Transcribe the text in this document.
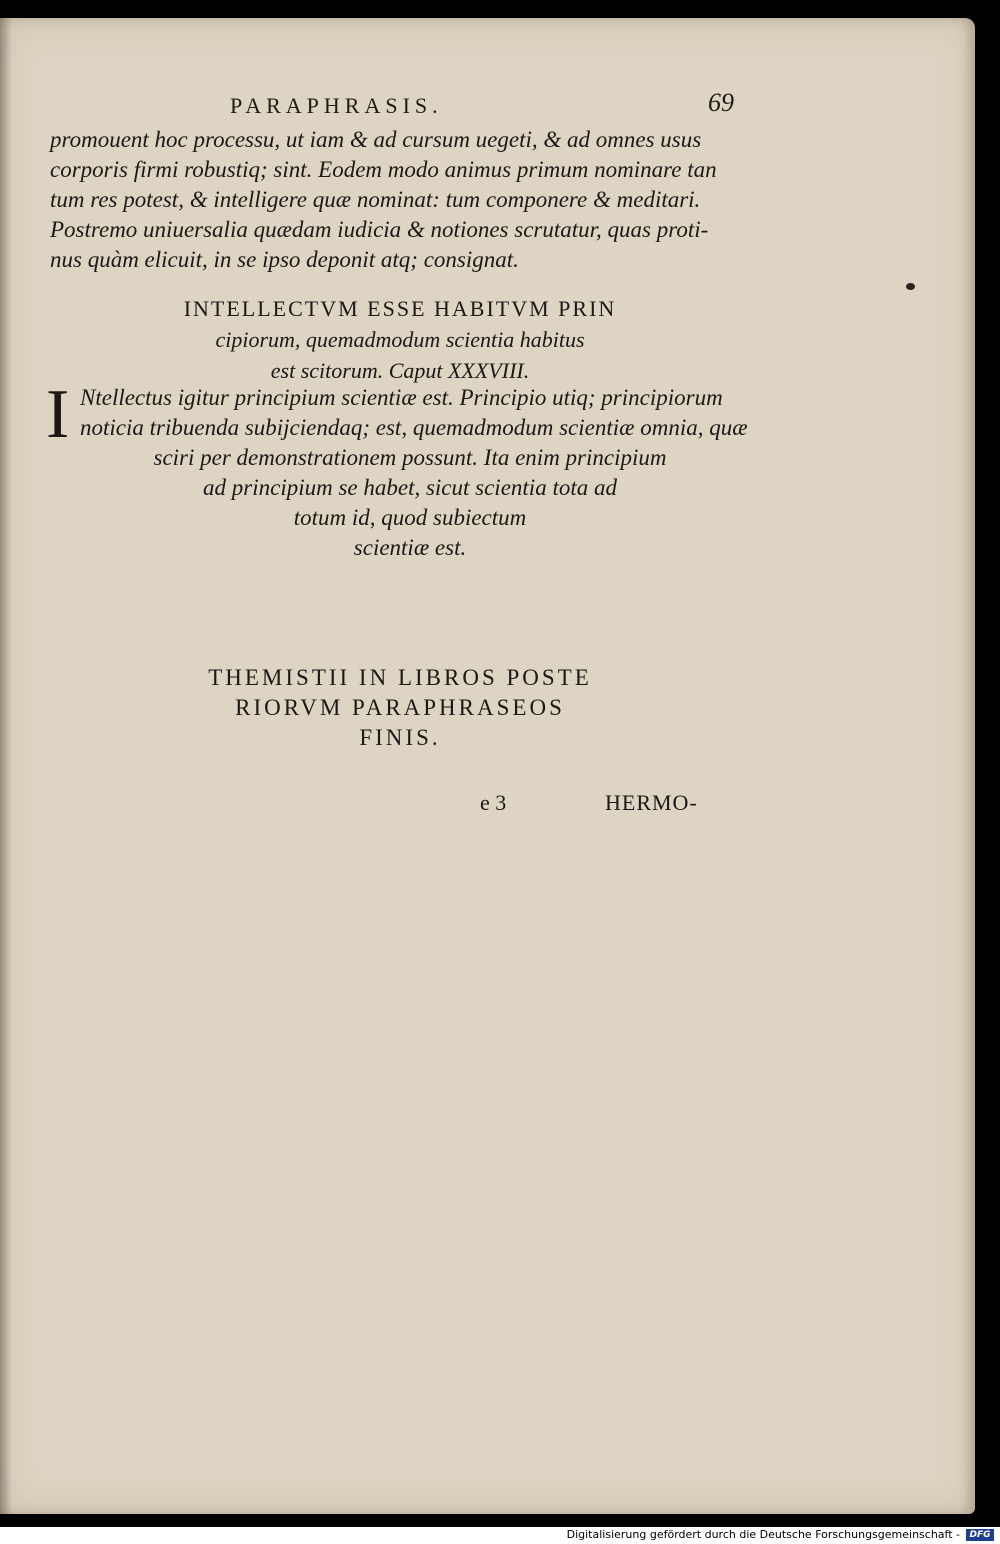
PARAPHRASIS.	69
promouent hoc processu, ut iam & ad cursum uegeti, & ad omnes usus
corporis firmi robustiq; sint. Eodem modo animus primum nominare tan
tum res potest, & intelligere quæ nominat: tum componere & meditari.
Postremo uniuersalia quædam iudicia & notiones scrutatur, quas proti-
nus quàm elicuit, in se ipso deponit atq; consignat.
INTELLECTVM ESSE HABITVM PRIN
cipiorum, quemadmodum scientia habitus
est scitorum. Caput XXXVIII.
I Ntellectus igitur principium scientiæ est. Principio utiq; principiorum
noticia tribuenda subijciendaq; est, quemadmodum scientiæ omnia, quæ
sciri per demonstrationem possunt. Ita enim principium
ad principium se habet, sicut scientia tota ad
totum id, quod subiectum
scientiæ est.
THEMISTII IN LIBROS POSTE
RIORVM PARAPHRASEOS
FINIS.
e 3	HERMO-
Digitalisierung gefördert durch die Deutsche Forschungsgemeinschaft -	DFG
